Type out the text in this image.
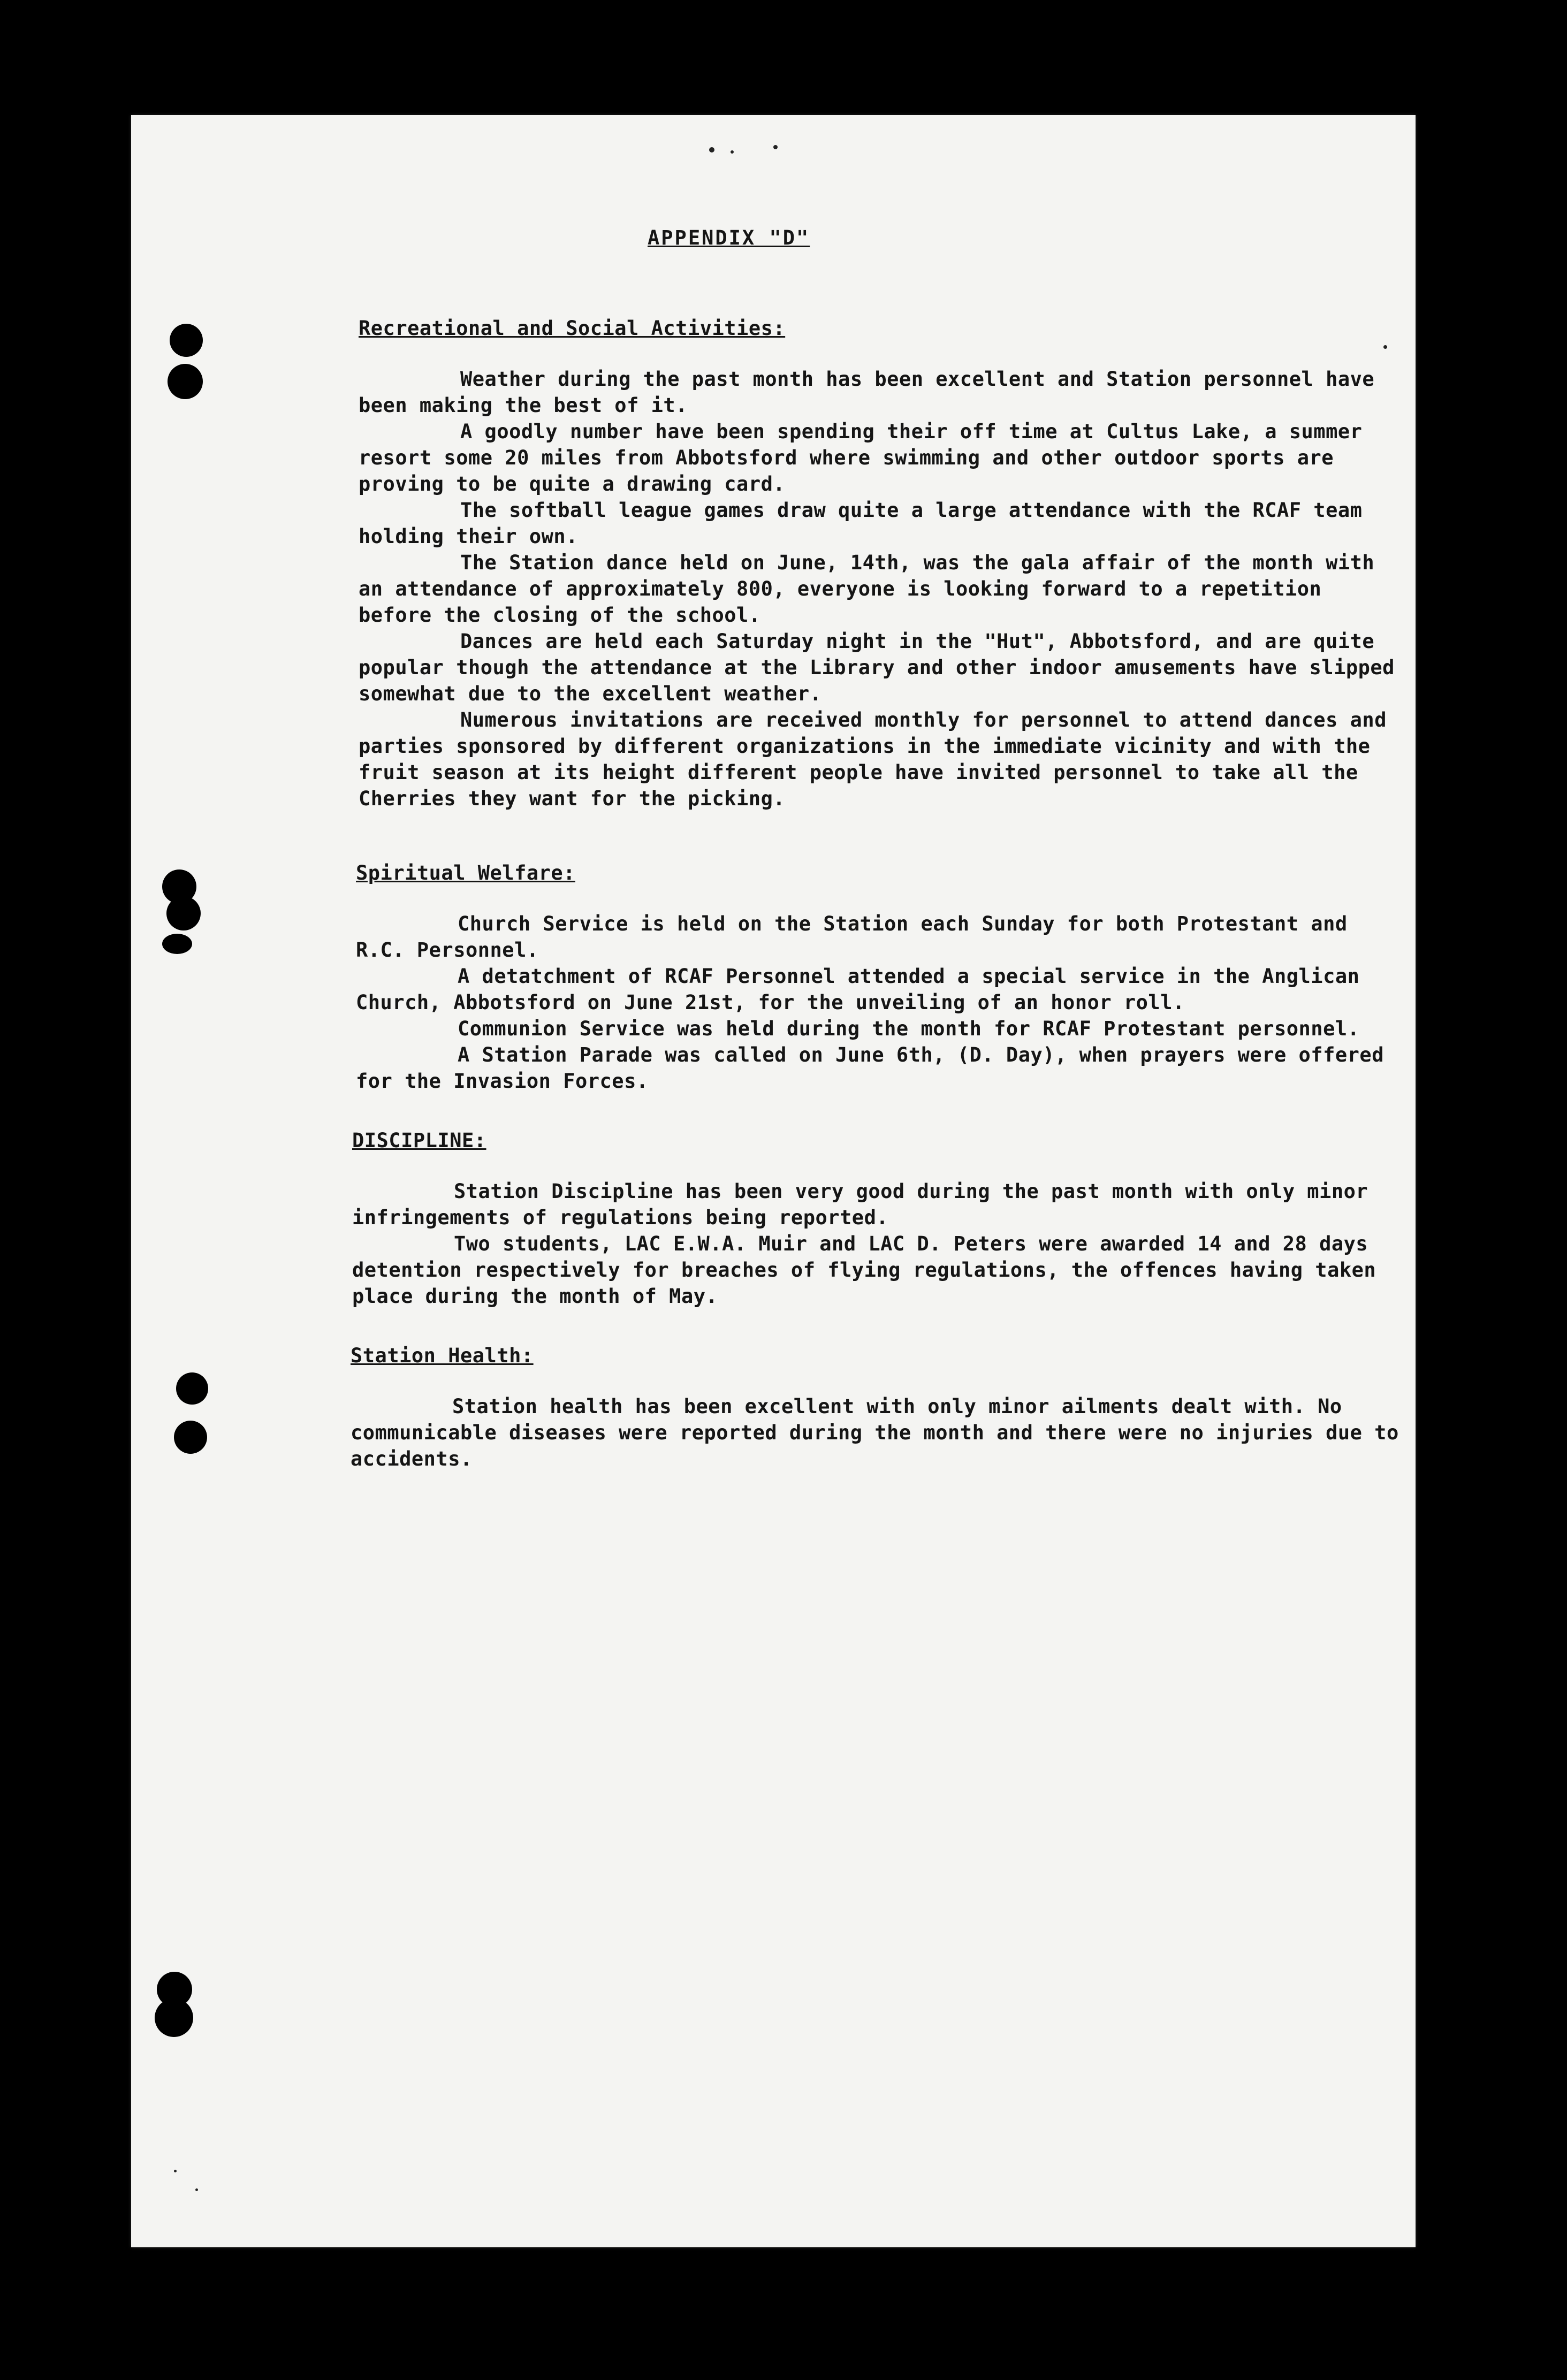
APPENDIX "D"
Recreational and Social Activities:

Weather during the past month has been excellent and Station personnel have been making the best of it.

A goodly number have been spending their off time at Cultus Lake, a summer resort some 20 miles from Abbotsford where swimming and other outdoor sports are proving to be quite a drawing card.

The softball league games draw quite a large attendance with the RCAF team holding their own.

The Station dance held on June, 14th, was the gala affair of the month with an attendance of approximately 800, everyone is looking forward to a repetition before the closing of the school.

Dances are held each Saturday night in the "Hut", Abbotsford, and are quite popular though the attendance at the Library and other indoor amusements have slipped somewhat due to the excellent weather.

Numerous invitations are received monthly for personnel to attend dances and parties sponsored by different organizations in the immediate vicinity and with the fruit season at its height different people have invited personnel to take all the Cherries they want for the picking.

Spiritual Welfare:

Church Service is held on the Station each Sunday for both Protestant and R.C. Personnel.

A detatchment of RCAF Personnel attended a special service in the Anglican Church, Abbotsford on June 21st, for the unveiling of an honor roll.

Communion Service was held during the month for RCAF Protestant personnel.

A Station Parade was called on June 6th, (D. Day), when prayers were offered for the Invasion Forces.

DISCIPLINE:

Station Discipline has been very good during the past month with only minor infringements of regulations being reported.

Two students, LAC E.W.A. Muir and LAC D. Peters were awarded 14 and 28 days detention respectively for breaches of flying regulations, the offences having taken place during the month of May.

Station Health:

Station health has been excellent with only minor ailments dealt with. No communicable diseases were reported during the month and there were no injuries due to accidents.
